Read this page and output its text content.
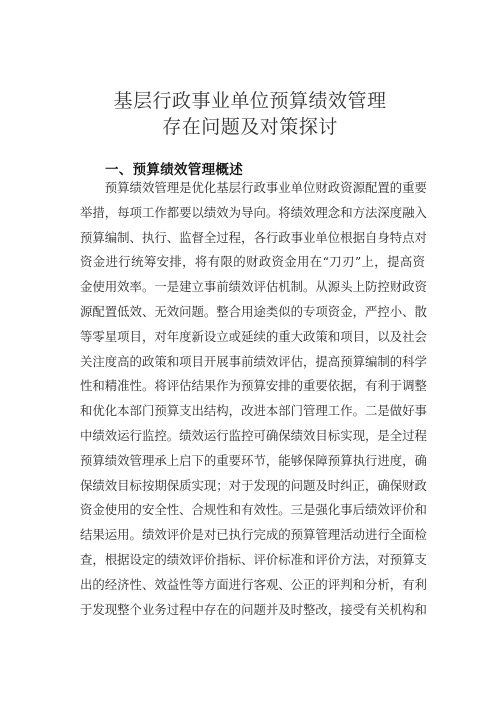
基层行政事业单位预算绩效管理
存在问题及对策探讨
一、预算绩效管理概述
　　预算绩效管理是优化基层行政事业单位财政资源配置的重要
举措，每项工作都要以绩效为导向。将绩效理念和方法深度融入
预算编制、执行、监督全过程，各行政事业单位根据自身特点对
资金进行统筹安排，将有限的财政资金用在“刀刃”上，提高资
金使用效率。一是建立事前绩效评估机制。从源头上防控财政资
源配置低效、无效问题。整合用途类似的专项资金，严控小、散
等零星项目，对年度新设立或延续的重大政策和项目，以及社会
关注度高的政策和项目开展事前绩效评估，提高预算编制的科学
性和精准性。将评估结果作为预算安排的重要依据，有利于调整
和优化本部门预算支出结构，改进本部门管理工作。二是做好事
中绩效运行监控。绩效运行监控可确保绩效目标实现，是全过程
预算绩效管理承上启下的重要环节，能够保障预算执行进度，确
保绩效目标按期保质实现；对于发现的问题及时纠正，确保财政
资金使用的安全性、合规性和有效性。三是强化事后绩效评价和
结果运用。绩效评价是对已执行完成的预算管理活动进行全面检
查，根据设定的绩效评价指标、评价标准和评价方法，对预算支
出的经济性、效益性等方面进行客观、公正的评判和分析，有利
于发现整个业务过程中存在的问题并及时整改，接受有关机构和
